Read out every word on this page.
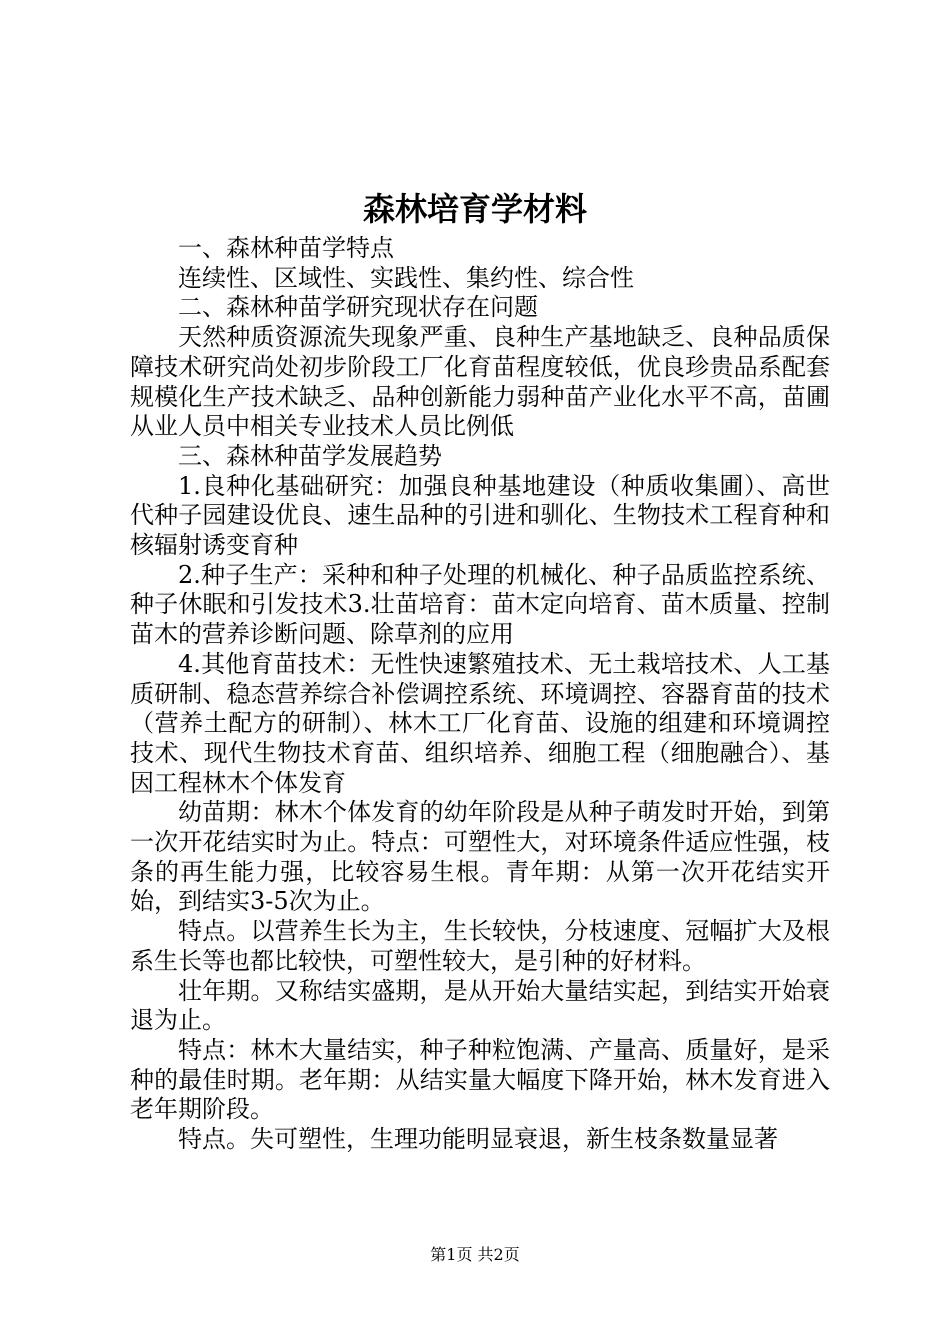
森林培育学材料

一、森林种苗学特点

连续性、区域性、实践性、集约性、综合性

二、森林种苗学研究现状存在问题

天然种质资源流失现象严重、良种生产基地缺乏、良种品质保障技术研究尚处初步阶段工厂化育苗程度较低，优良珍贵品系配套规模化生产技术缺乏、品种创新能力弱种苗产业化水平不高，苗圃从业人员中相关专业技术人员比例低

三、森林种苗学发展趋势

1.良种化基础研究：加强良种基地建设（种质收集圃）、高世代种子园建设优良、速生品种的引进和驯化、生物技术工程育种和核辐射诱变育种

2.种子生产：采种和种子处理的机械化、种子品质监控系统、种子休眠和引发技术3.壮苗培育：苗木定向培育、苗木质量、控制苗木的营养诊断问题、除草剂的应用

4.其他育苗技术：无性快速繁殖技术、无土栽培技术、人工基质研制、稳态营养综合补偿调控系统、环境调控、容器育苗的技术（营养土配方的研制）、林木工厂化育苗、设施的组建和环境调控技术、现代生物技术育苗、组织培养、细胞工程（细胞融合）、基因工程林木个体发育

幼苗期：林木个体发育的幼年阶段是从种子萌发时开始，到第一次开花结实时为止。特点：可塑性大，对环境条件适应性强，枝条的再生能力强，比较容易生根。青年期：从第一次开花结实开始，到结实3-5次为止。

特点。以营养生长为主，生长较快，分枝速度、冠幅扩大及根系生长等也都比较快，可塑性较大，是引种的好材料。

壮年期。又称结实盛期，是从开始大量结实起，到结实开始衰退为止。

特点：林木大量结实，种子种粒饱满、产量高、质量好，是采种的最佳时期。老年期：从结实量大幅度下降开始，林木发育进入老年期阶段。

特点。失可塑性，生理功能明显衰退，新生枝条数量显著

第1页 共2页
